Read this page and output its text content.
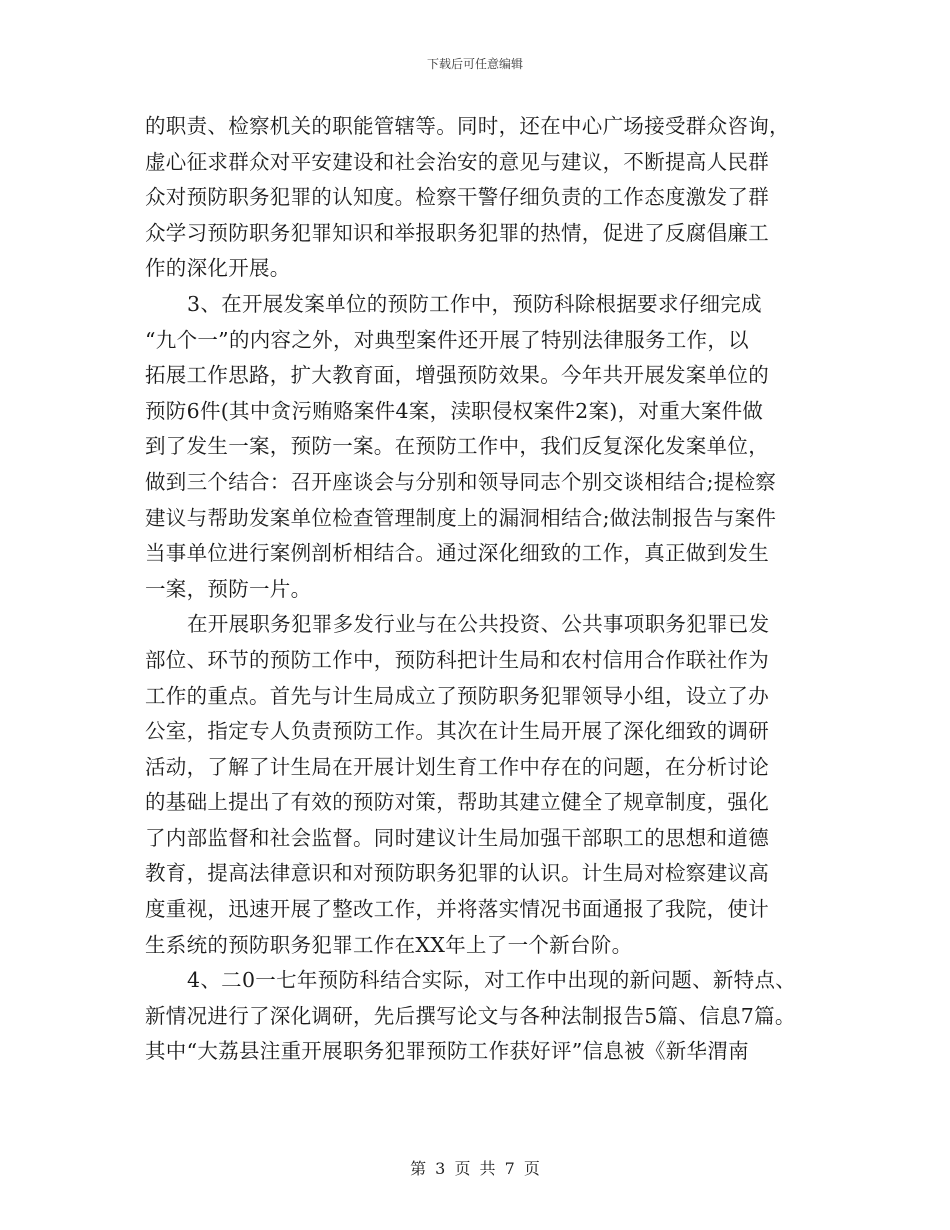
下载后可任意编辑
的职责、检察机关的职能管辖等。同时，还在中心广场接受群众咨询，
虚心征求群众对平安建设和社会治安的意见与建议，不断提高人民群
众对预防职务犯罪的认知度。检察干警仔细负责的工作态度激发了群
众学习预防职务犯罪知识和举报职务犯罪的热情，促进了反腐倡廉工
作的深化开展。
3、在开展发案单位的预防工作中，预防科除根据要求仔细完成
“九个一”的内容之外，对典型案件还开展了特别法律服务工作，以
拓展工作思路，扩大教育面，增强预防效果。今年共开展发案单位的
预防6件(其中贪污贿赂案件4案，渎职侵权案件2案)，对重大案件做
到了发生一案，预防一案。在预防工作中，我们反复深化发案单位，
做到三个结合：召开座谈会与分别和领导同志个别交谈相结合;提检察
建议与帮助发案单位检查管理制度上的漏洞相结合;做法制报告与案件
当事单位进行案例剖析相结合。通过深化细致的工作，真正做到发生
一案，预防一片。
在开展职务犯罪多发行业与在公共投资、公共事项职务犯罪已发
部位、环节的预防工作中，预防科把计生局和农村信用合作联社作为
工作的重点。首先与计生局成立了预防职务犯罪领导小组，设立了办
公室，指定专人负责预防工作。其次在计生局开展了深化细致的调研
活动，了解了计生局在开展计划生育工作中存在的问题，在分析讨论
的基础上提出了有效的预防对策，帮助其建立健全了规章制度，强化
了内部监督和社会监督。同时建议计生局加强干部职工的思想和道德
教育，提高法律意识和对预防职务犯罪的认识。计生局对检察建议高
度重视，迅速开展了整改工作，并将落实情况书面通报了我院，使计
生系统的预防职务犯罪工作在XX年上了一个新台阶。
4、二0一七年预防科结合实际，对工作中出现的新问题、新特点、
新情况进行了深化调研，先后撰写论文与各种法制报告5篇、信息7篇。
其中“大荔县注重开展职务犯罪预防工作获好评”信息被《新华渭南
第 3 页 共 7 页
